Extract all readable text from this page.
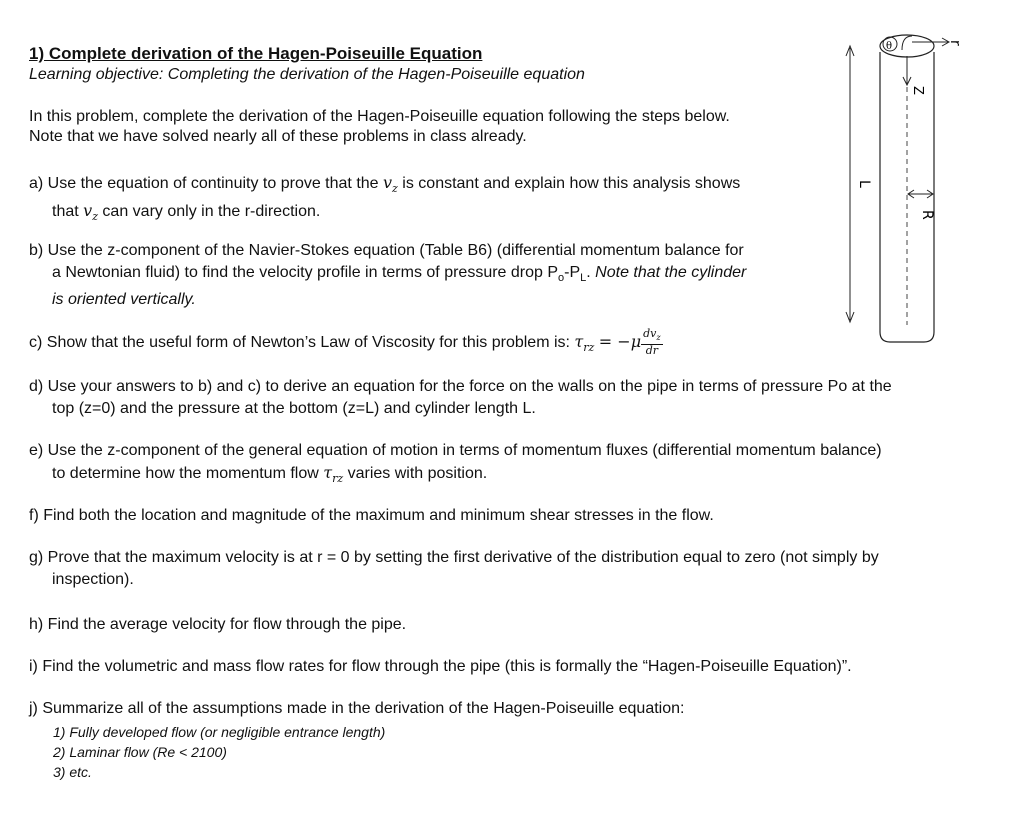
1) Complete derivation of the Hagen-Poiseuille Equation
Learning objective: Completing the derivation of the Hagen-Poiseuille equation
In this problem, complete the derivation of the Hagen-Poiseuille equation following the steps below.
Note that we have solved nearly all of these problems in class already.
a) Use the equation of continuity to prove that the $v_z$ is constant and explain how this analysis shows
that $v_z$ can vary only in the r-direction.
b) Use the z-component of the Navier-Stokes equation (Table B6) (differential momentum balance for
a Newtonian fluid) to find the velocity profile in terms of pressure drop $P_o-P_L$. Note that the cylinder
is oriented vertically.
c) Show that the useful form of Newton’s Law of Viscosity for this problem is: $\tau_{rz} = -\mu \frac{dv_z}{dr}$
d) Use your answers to b) and c) to derive an equation for the force on the walls on the pipe in terms of pressure Po at the
top (z=0) and the pressure at the bottom (z=L) and cylinder length L.
e) Use the z-component of the general equation of motion in terms of momentum fluxes (differential momentum balance)
to determine how the momentum flow $\tau_{rz}$ varies with position.
f) Find both the location and magnitude of the maximum and minimum shear stresses in the flow.
g) Prove that the maximum velocity is at r = 0 by setting the first derivative of the distribution equal to zero (not simply by
inspection).
h) Find the average velocity for flow through the pipe.
i) Find the volumetric and mass flow rates for flow through the pipe (this is formally the “Hagen-Poiseuille Equation)”.
j) Summarize all of the assumptions made in the derivation of the Hagen-Poiseuille equation:
1) Fully developed flow (or negligible entrance length)
2) Laminar flow (Re < 2100)
3) etc.
L
θ	r
Z
R
